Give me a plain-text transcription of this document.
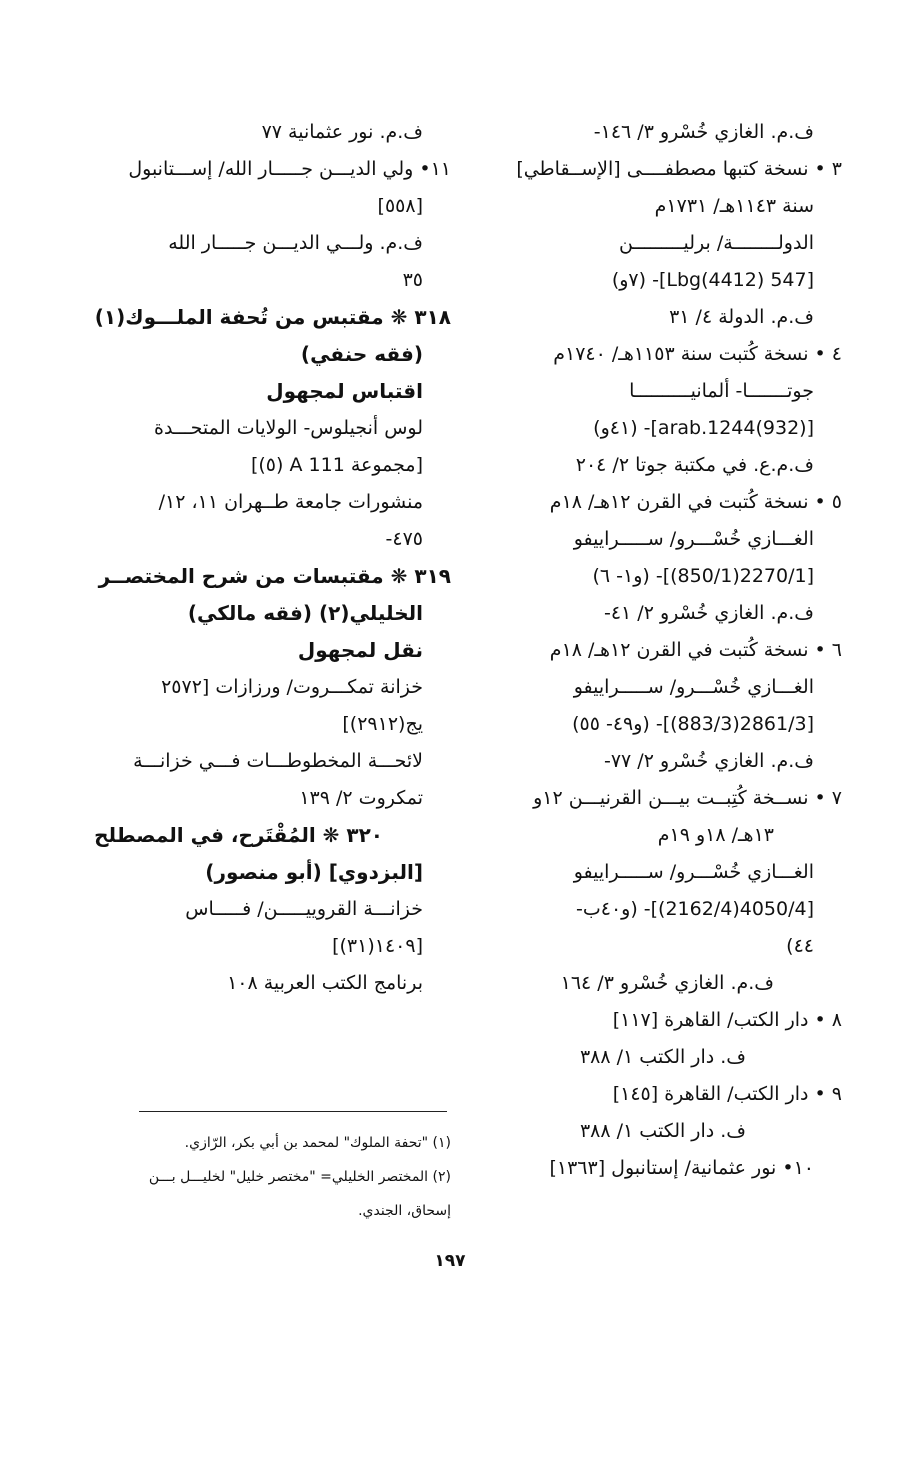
ف.م. الغازي خُسْرو ٣/ ١٤٦-
٣ • نسخة كتبها مصطفــــى [الإســقاطي]
سنة ١١٤٣هـ/ ١٧٣١م
الدولــــــــة/ برليـــــــــن
[547 Lbg(4412)]- (٧و)
ف.م. الدولة ٤/ ٣١
٤ • نسخة كُتبت سنة ١١٥٣هـ/ ١٧٤٠م
جوتـــــــا- ألمانيــــــــــا
[arab.1244(932)]- (٤١و)
ف.م.ع. في مكتبة جوتا ٢/ ٢٠٤
٥ • نسخة كُتبت في القرن ١٢هـ/ ١٨م
الغـــازي خُسْـــرو/ ســـــرايیفو
[2270/1(850/1)]- (و١- ٦)
ف.م. الغازي خُسْرو ٢/ ٤١-
٦ • نسخة كُتبت في القرن ١٢هـ/ ١٨م
الغـــازي خُسْـــرو/ ســـــرايیفو
[2861/3(883/3)]- (و٤٩- ٥٥)
ف.م. الغازي خُسْرو ٢/ ٧٧-
٧ • نســخة كُتِبــت بيـــن القرنيـــن ١٢و
١٣هـ/ ١٨و ١٩م
الغـــازي خُسْـــرو/ ســـــرايیفو
[4050/4(2162/4)]- (و٤٠ب-
٤٤)
ف.م. الغازي خُسْرو ٣/ ١٦٤
٨ • دار الكتب/ القاهرة [١١٧]
ف. دار الكتب ١/ ٣٨٨
٩ • دار الكتب/ القاهرة [١٤٥]
ف. دار الكتب ١/ ٣٨٨
١٠• نور عثمانية/ إستانبول [١٣٦٣]
ف.م. نور عثمانية ٧٧
١١• ولي الديـــن جـــــار الله/ إســـتانبول
[٥٥٨]
ف.م. ولـــي الديـــن جـــــار الله
٣٥
٣١٨ ❋ مقتبس من تُحفة الملـــوك(١)
(فقه حنفي)
اقتباس لمجهول
لوس أنجيلوس- الولايات المتحـــدة
[مجموعة 111 A (٥)]
منشورات جامعة طــهران ١١، ١٢/
٤٧٥-
٣١٩ ❋ مقتبسات من شرح المختصــر
الخليلي(٢) (فقه مالكي)
نقل لمجهول
خزانة تمكـــروت/ ورزازات [٢٥٧٢
يج(٢٩١٢)]
لائحـــة المخطوطـــات فـــي خزانـــة
تمكروت ٢/ ١٣٩
٣٢٠ ❋ المُقْتَرح، في المصطلح
[البزدوي] (أبو منصور)
خزانـــة القروييـــــن/ فـــــاس
[١٤٠٩(٣١)]
برنامج الكتب العربية ١٠٨
(١) "تحفة الملوك" لمحمد بن أبي بكر، الرّازي.
(٢) المختصر الخليلي= "مختصر خليل" لخليـــل بـــن
إسحاق، الجندي.
١٩٧
